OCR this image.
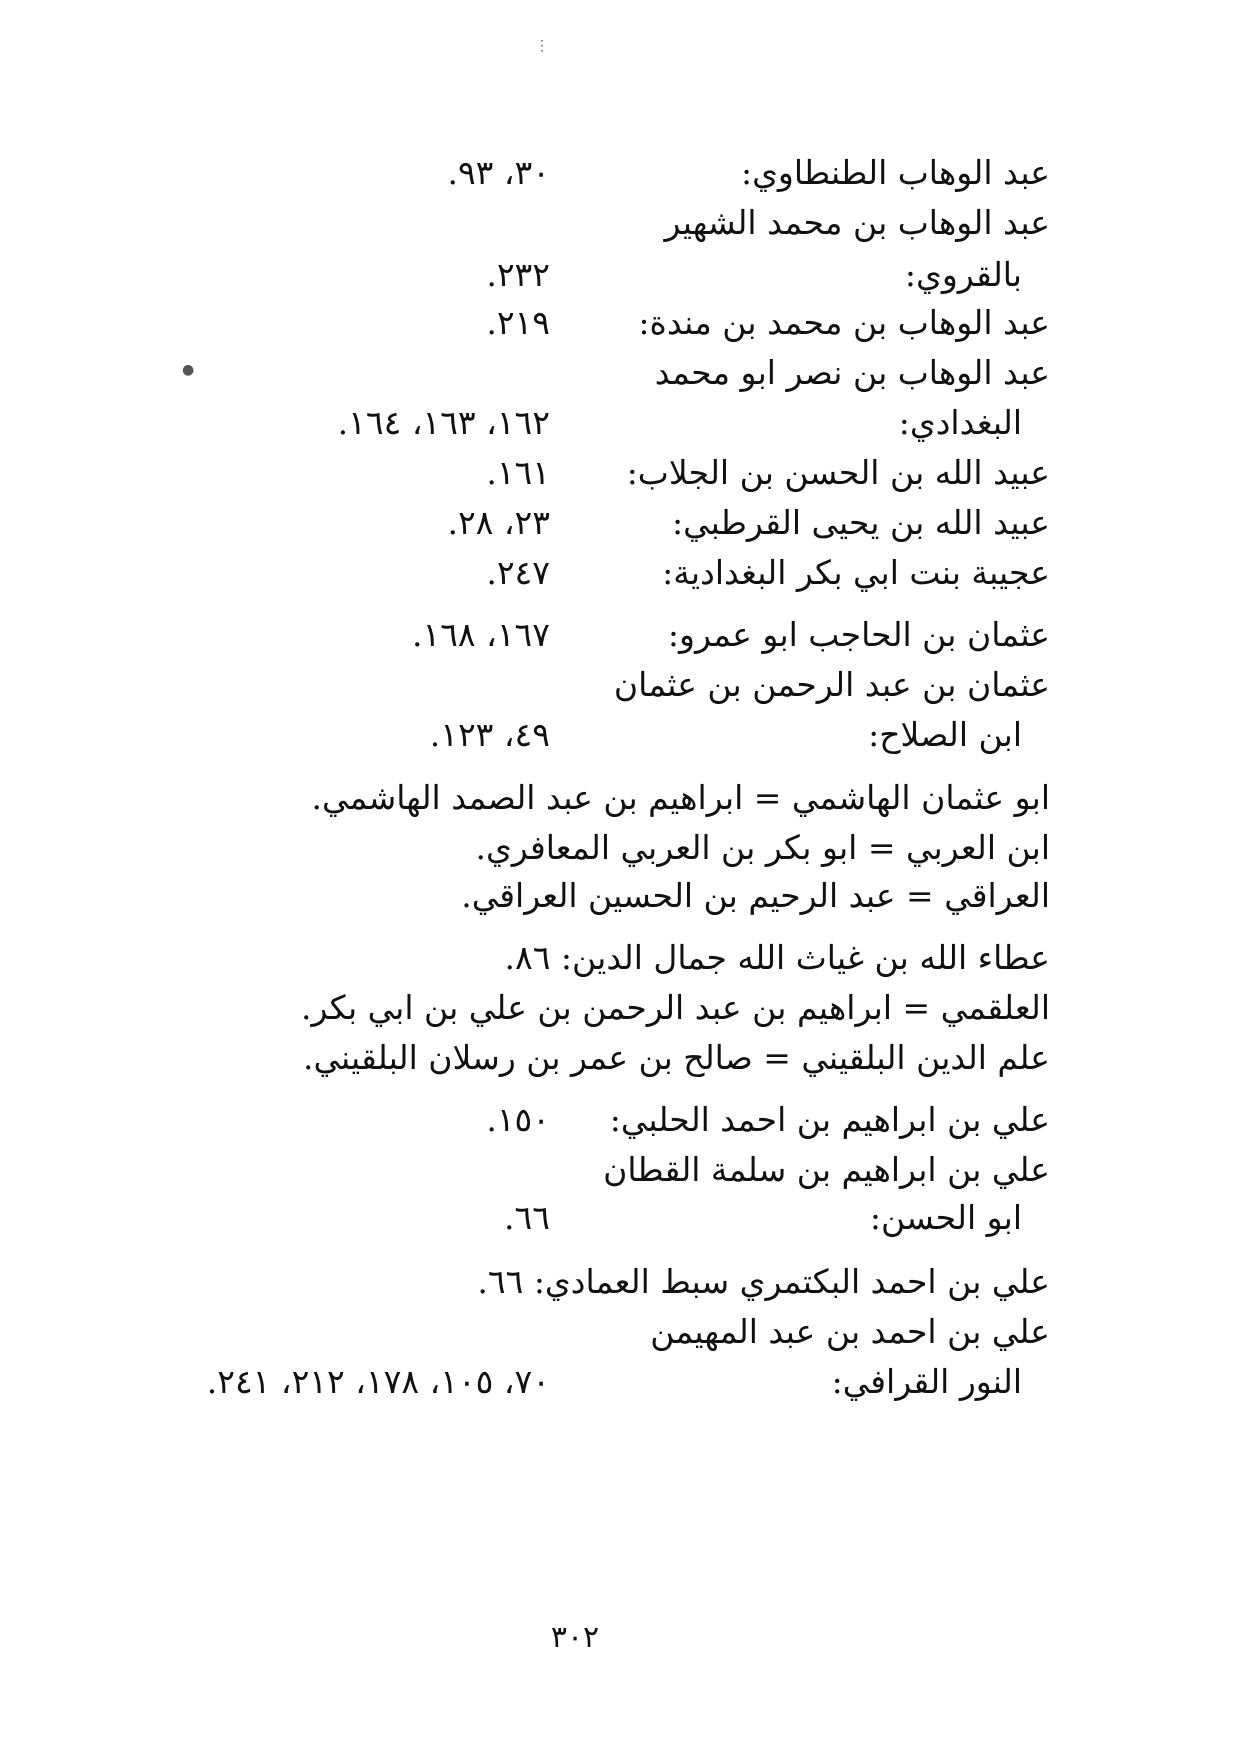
⋮
●
عبد الوهاب الطنطاوي:
٣٠، ٩٣.
عبد الوهاب بن محمد الشهير
بالقروي:
٢٣٢.
عبد الوهاب بن محمد بن مندة:
٢١٩.
عبد الوهاب بن نصر ابو محمد
البغدادي:
١٦٢، ١٦٣، ١٦٤.
عبيد الله بن الحسن بن الجلاب:
١٦١.
عبيد الله بن يحيى القرطبي:
٢٣، ٢٨.
عجيبة بنت ابي بكر البغدادية:
٢٤٧.
عثمان بن الحاجب ابو عمرو:
١٦٧، ١٦٨.
عثمان بن عبد الرحمن بن عثمان
ابن الصلاح:
٤٩، ١٢٣.
ابو عثمان الهاشمي = ابراهيم بن عبد الصمد الهاشمي.
ابن العربي = ابو بكر بن العربي المعافري.
العراقي = عبد الرحيم بن الحسين العراقي.
عطاء الله بن غياث الله جمال الدين: ٨٦.
العلقمي = ابراهيم بن عبد الرحمن بن علي بن ابي بكر.
علم الدين البلقيني = صالح بن عمر بن رسلان البلقيني.
علي بن ابراهيم بن احمد الحلبي:
١٥٠.
علي بن ابراهيم بن سلمة القطان
ابو الحسن:
٦٦.
علي بن احمد البكتمري سبط العمادي: ٦٦.
علي بن احمد بن عبد المهيمن
النور القرافي:
٧٠، ١٠٥، ١٧٨، ٢١٢، ٢٤١.
٣٠٢
